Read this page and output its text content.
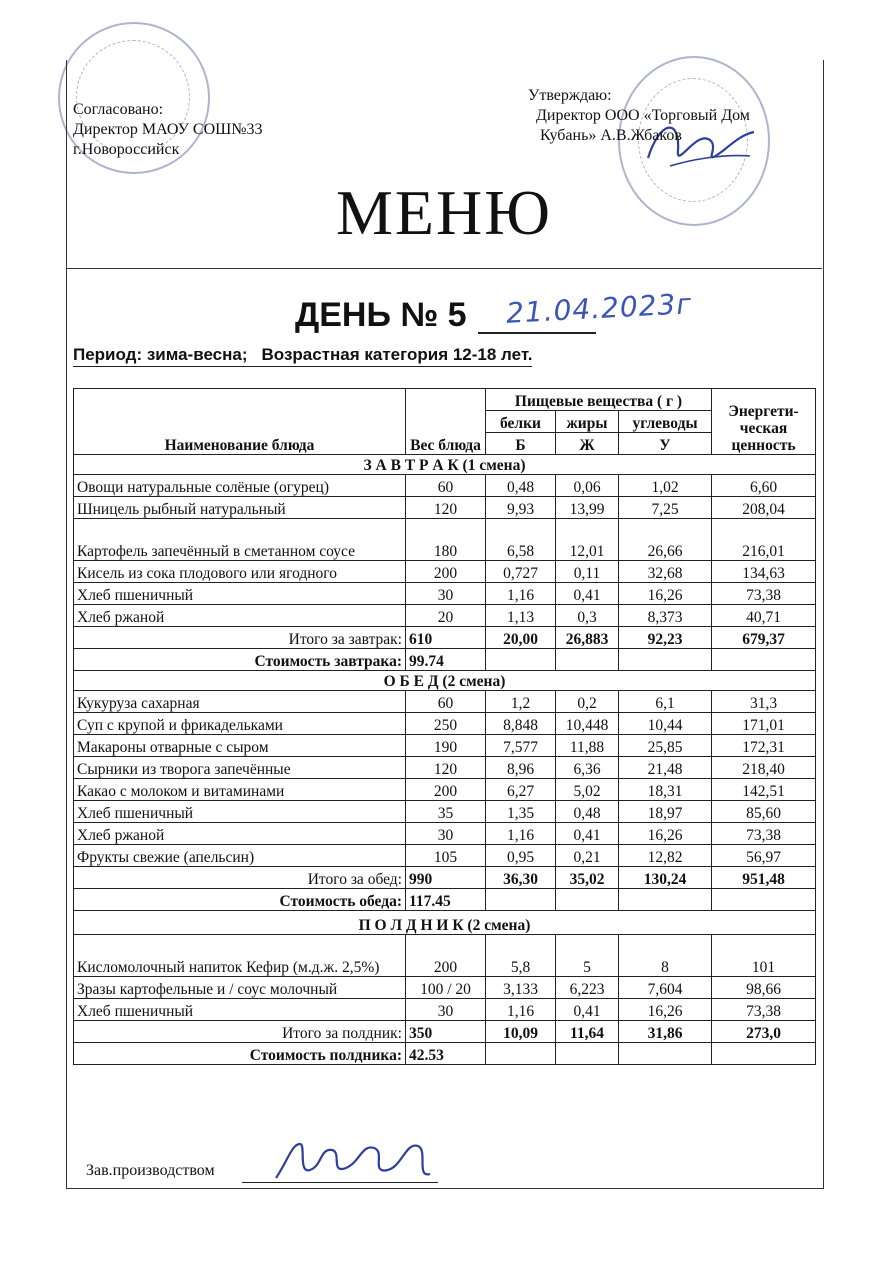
Согласовано:
Директор МАОУ СОШ№33
г.Новороссийск
Утверждаю:
Директор ООО «Торговый Дом
Кубань» А.В.Жбаков
МЕНЮ
ДЕНЬ № 5 21.04.2023г
Период: зима-весна; Возрастная категория 12-18 лет.
Наименование блюда	Вес блюда	Пищевые вещества ( г )			Энергети-ческая ценность
		белки	жиры	углеводы	
		Б	Ж	У	
З А В Т Р А К (1 смена)					
Овощи натуральные солёные (огурец)	60	0,48	0,06	1,02	6,60
Шницель рыбный натуральный	120	9,93	13,99	7,25	208,04
Картофель запечённый в сметанном соусе	180	6,58	12,01	26,66	216,01
Кисель из сока плодового или ягодного	200	0,727	0,11	32,68	134,63
Хлеб пшеничный	30	1,16	0,41	16,26	73,38
Хлеб ржаной	20	1,13	0,3	8,373	40,71
Итого за завтрак:	610	20,00	26,883	92,23	679,37
Стоимость завтрака:	99.74				
О Б Е Д (2 смена)					
Кукуруза сахарная	60	1,2	0,2	6,1	31,3
Суп с крупой и фрикадельками	250	8,848	10,448	10,44	171,01
Макароны отварные с сыром	190	7,577	11,88	25,85	172,31
Сырники из творога запечённые	120	8,96	6,36	21,48	218,40
Какао с молоком и витаминами	200	6,27	5,02	18,31	142,51
Хлеб пшеничный	35	1,35	0,48	18,97	85,60
Хлеб ржаной	30	1,16	0,41	16,26	73,38
Фрукты свежие (апельсин)	105	0,95	0,21	12,82	56,97
Итого за обед:	990	36,30	35,02	130,24	951,48
Стоимость обеда:	117.45				
П О Л Д Н И К (2 смена)					
Кисломолочный напиток Кефир (м.д.ж. 2,5%)	200	5,8	5	8	101
Зразы картофельные и / соус молочный	100 / 20	3,133	6,223	7,604	98,66
Хлеб пшеничный	30	1,16	0,41	16,26	73,38
Итого за полдник:	350	10,09	11,64	31,86	273,0
Стоимость полдника:	42.53				
Зав.производством
